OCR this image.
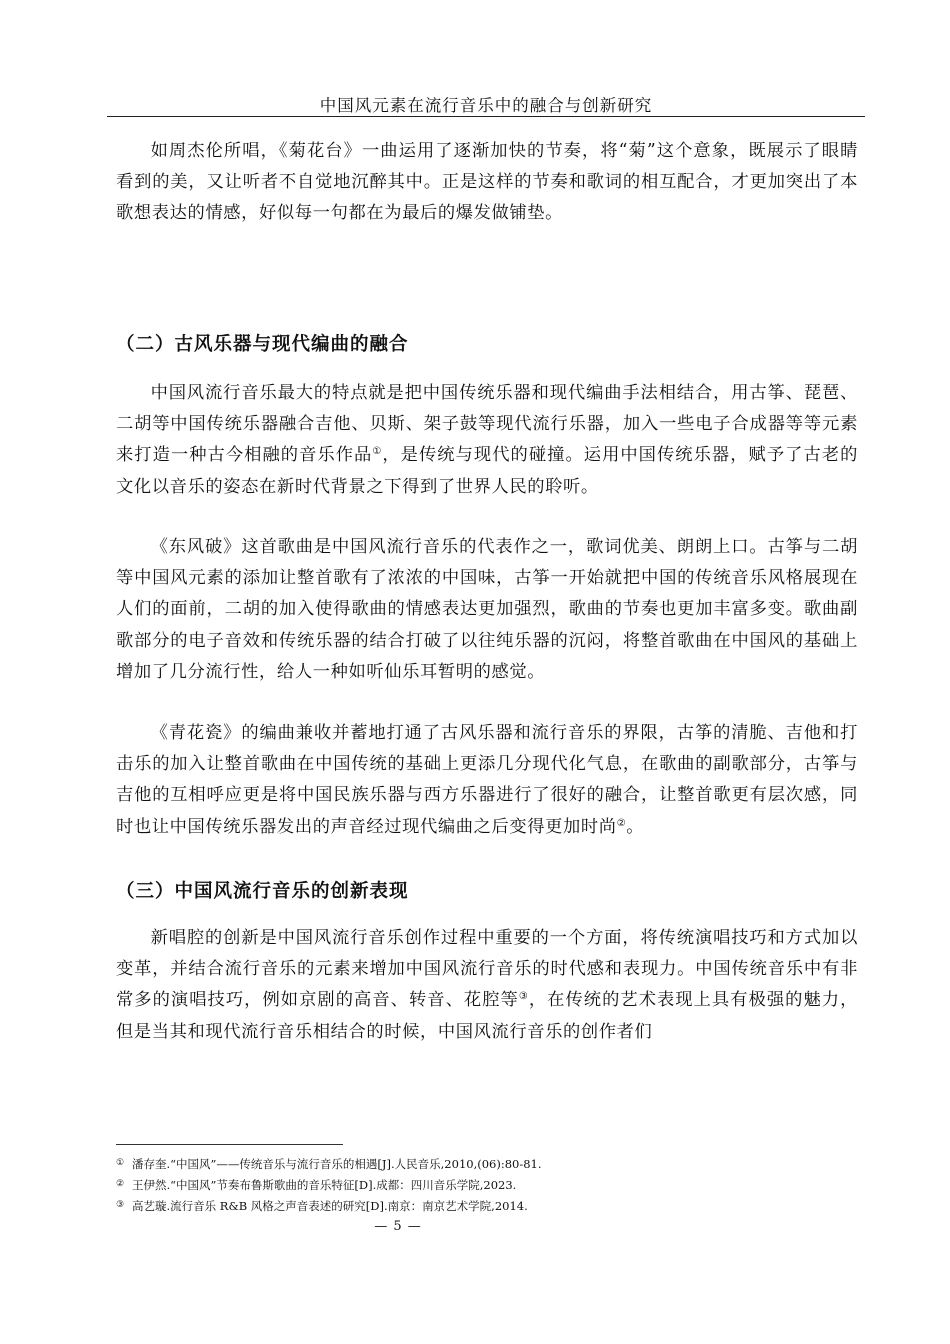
中国风元素在流行音乐中的融合与创新研究

如周杰伦所唱，《菊花台》一曲运用了逐渐加快的节奏，将“菊”这个意象，既展示了眼睛看到的美，又让听者不自觉地沉醉其中。正是这样的节奏和歌词的相互配合，才更加突出了本歌想表达的情感，好似每一句都在为最后的爆发做铺垫。

（二）古风乐器与现代编曲的融合

中国风流行音乐最大的特点就是把中国传统乐器和现代编曲手法相结合，用古筝、琵琶、二胡等中国传统乐器融合吉他、贝斯、架子鼓等现代流行乐器，加入一些电子合成器等等元素来打造一种古今相融的音乐作品①，是传统与现代的碰撞。运用中国传统乐器，赋予了古老的文化以音乐的姿态在新时代背景之下得到了世界人民的聆听。

《东风破》这首歌曲是中国风流行音乐的代表作之一，歌词优美、朗朗上口。古筝与二胡等中国风元素的添加让整首歌有了浓浓的中国味，古筝一开始就把中国的传统音乐风格展现在人们的面前，二胡的加入使得歌曲的情感表达更加强烈，歌曲的节奏也更加丰富多变。歌曲副歌部分的电子音效和传统乐器的结合打破了以往纯乐器的沉闷，将整首歌曲在中国风的基础上增加了几分流行性，给人一种如听仙乐耳暂明的感觉。

《青花瓷》的编曲兼收并蓄地打通了古风乐器和流行音乐的界限，古筝的清脆、吉他和打击乐的加入让整首歌曲在中国传统的基础上更添几分现代化气息，在歌曲的副歌部分，古筝与吉他的互相呼应更是将中国民族乐器与西方乐器进行了很好的融合，让整首歌更有层次感，同时也让中国传统乐器发出的声音经过现代编曲之后变得更加时尚②。

（三）中国风流行音乐的创新表现

新唱腔的创新是中国风流行音乐创作过程中重要的一个方面，将传统演唱技巧和方式加以变革，并结合流行音乐的元素来增加中国风流行音乐的时代感和表现力。中国传统音乐中有非常多的演唱技巧，例如京剧的高音、转音、花腔等③，在传统的艺术表现上具有极强的魅力，但是当其和现代流行音乐相结合的时候，中国风流行音乐的创作者们

① 潘存奎.“中国风”——传统音乐与流行音乐的相遇[J].人民音乐,2010,(06):80-81.
② 王伊然.“中国风”节奏布鲁斯歌曲的音乐特征[D].成都：四川音乐学院,2023.
③ 高艺璇.流行音乐 R&B 风格之声音表述的研究[D].南京：南京艺术学院,2014.
— 5 —
